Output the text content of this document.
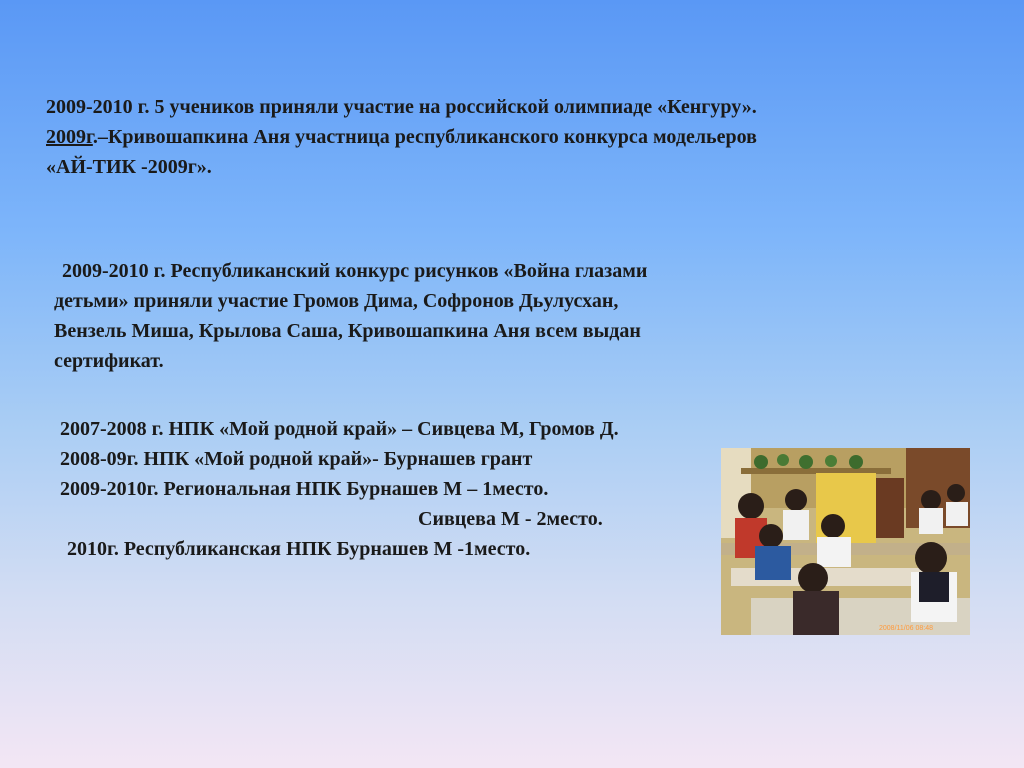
2009-2010 г. 5 учеников приняли участие на российской олимпиаде «Кенгуру».
2009г.–Кривошапкина Аня участница республиканского конкурса модельеров
«АЙ-ТИК -2009г».
2009-2010 г. Республиканский конкурс рисунков «Война глазами
детьми» приняли участие Громов Дима, Софронов Дьулусхан,
Вензель Миша, Крылова Саша, Кривошапкина Аня всем выдан
сертификат.
2007-2008 г. НПК «Мой родной край» – Сивцева М, Громов Д.
2008-09г. НПК «Мой родной край»- Бурнашев грант
2009-2010г. Региональная НПК Бурнашев М – 1место.
Сивцева М - 2место.
2010г. Республиканская НПК Бурнашев М -1место.
2008/11/06 08:48
